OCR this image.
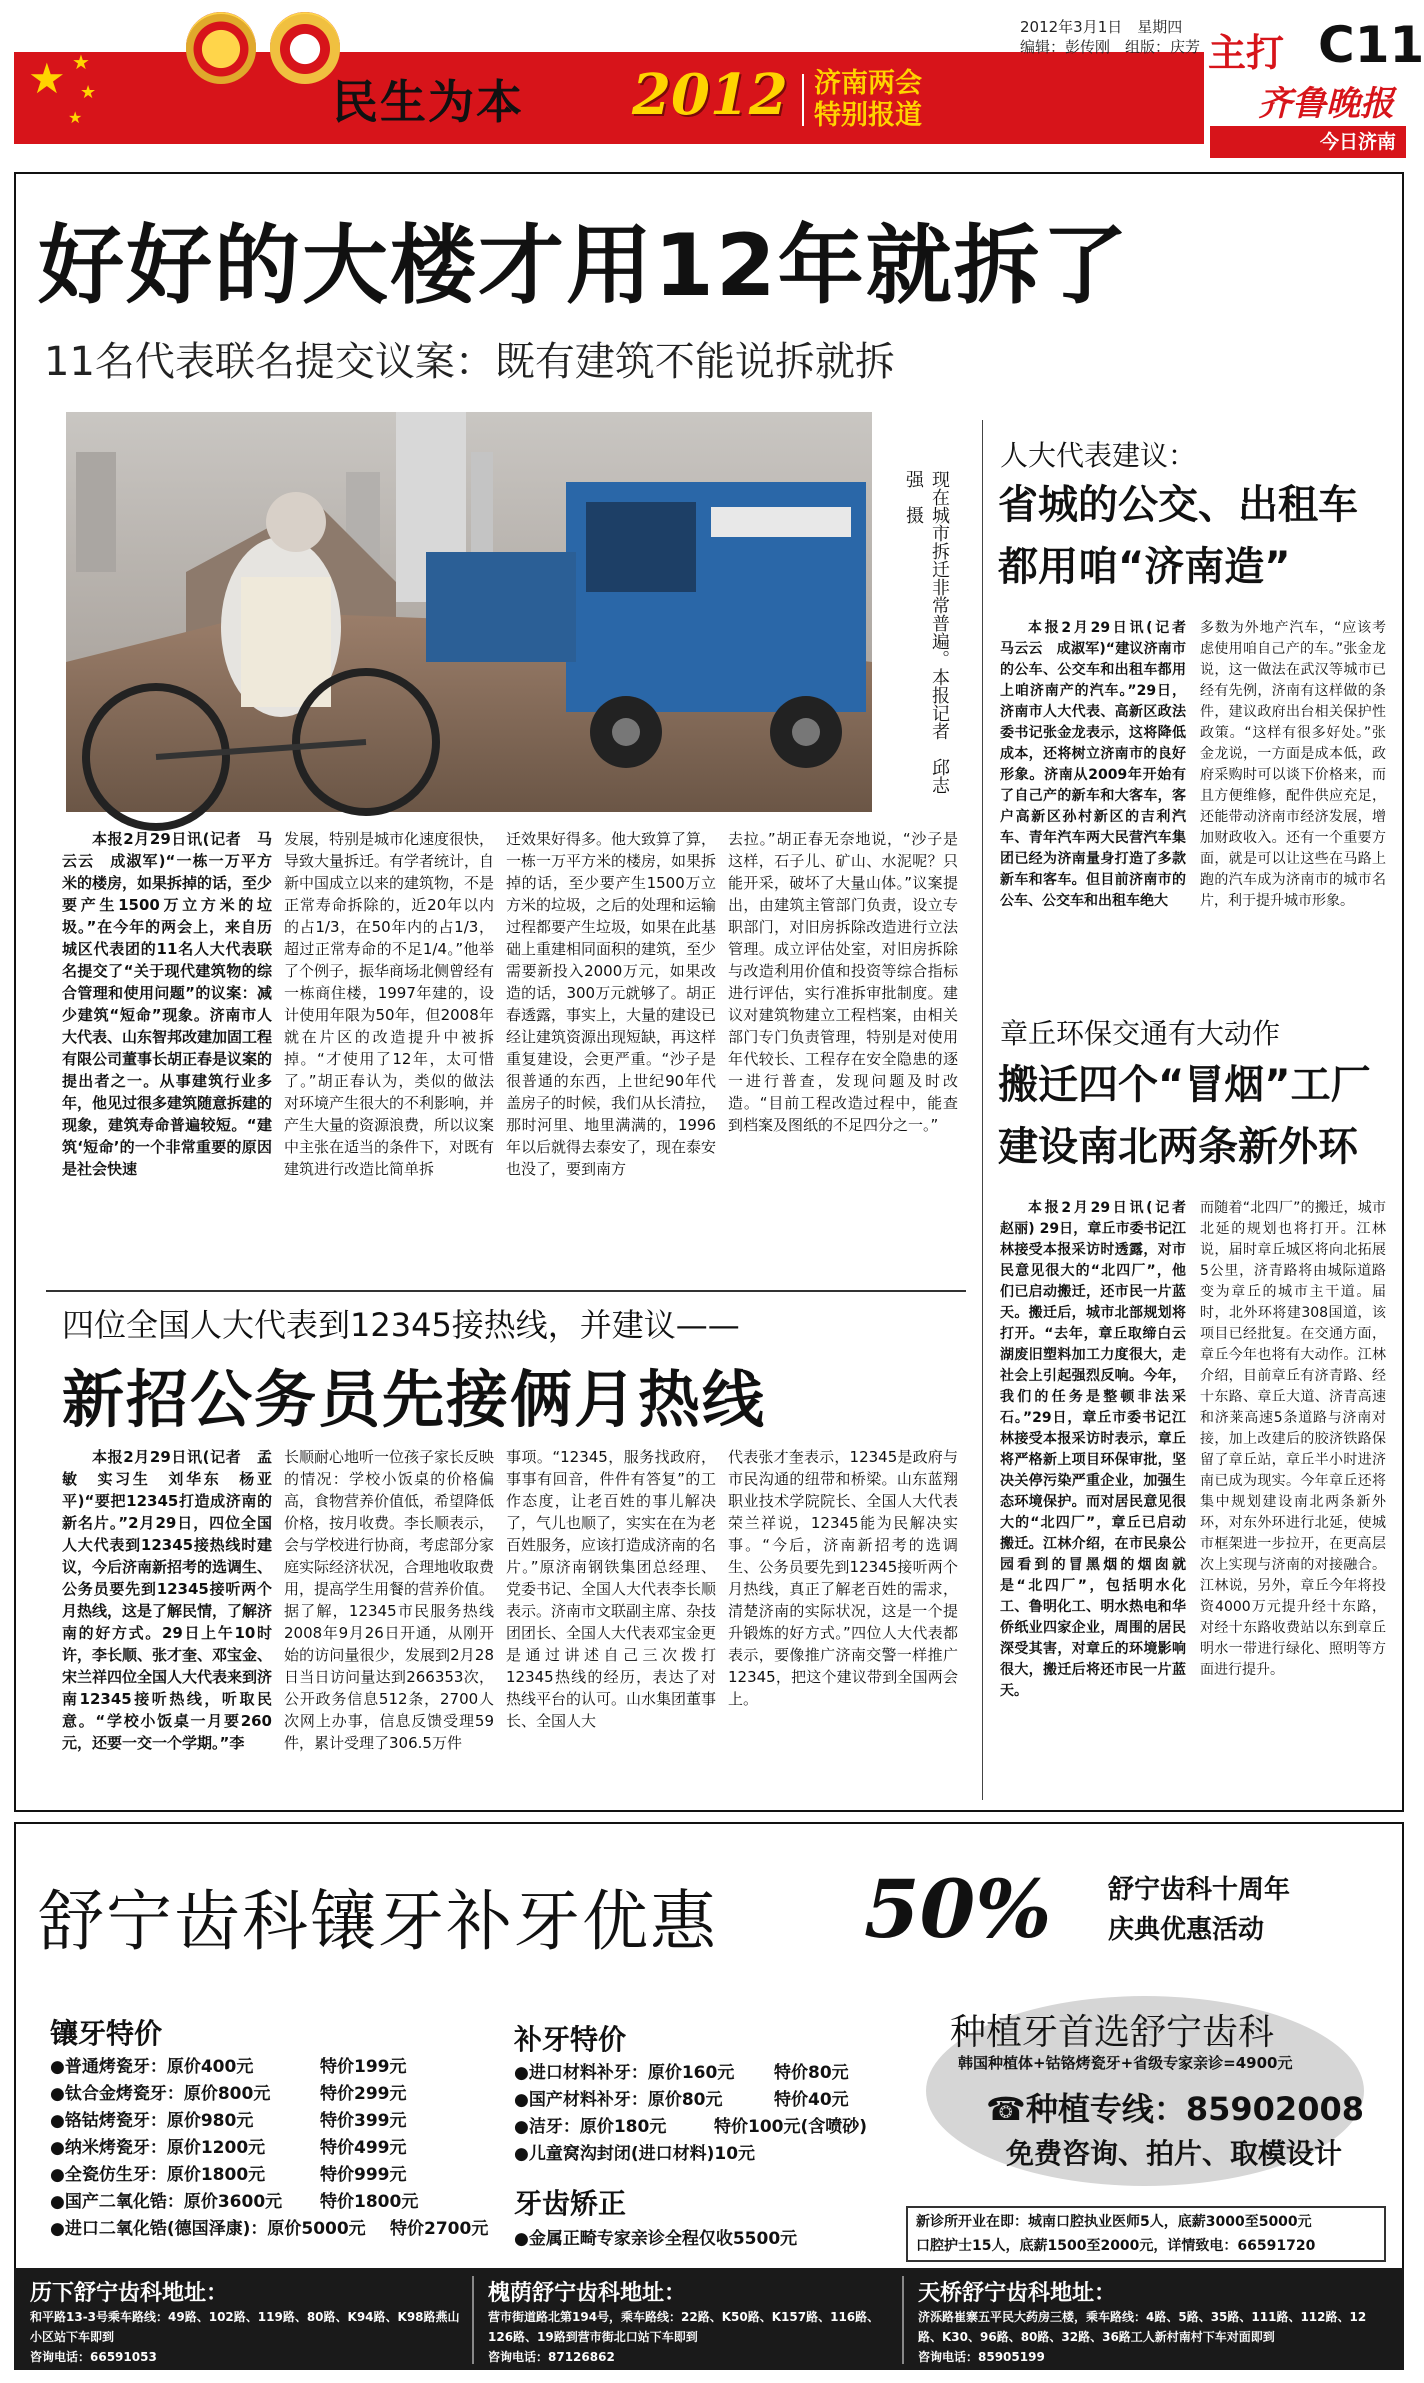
★ ★
★
★	民生为本 2012 济南两会
特别报道
2012年3月1日　星期四
编辑：彭传刚　组版：庆芳 主打 C11
齐鲁晚报
今日济南
好好的大楼才用12年就拆了
11名代表联名提交议案：既有建筑不能说拆就拆
现在城市拆迁非常普遍。本报记者　邱志强　摄

本报2月29日讯(记者　马云云　成淑军)“一栋一万平方米的楼房，如果拆掉的话，至少要产生1500万立方米的垃圾。”在今年的两会上，来自历城区代表团的11名人大代表联名提交了“关于现代建筑物的综合管理和使用问题”的议案：减少建筑“短命”现象。济南市人大代表、山东智邦改建加固工程有限公司董事长胡正春是议案的提出者之一。从事建筑行业多年，他见过很多建筑随意拆建的现象，建筑寿命普遍较短。“建筑‘短命’的一个非常重要的原因是社会快速

发展，特别是城市化速度很快，导致大量拆迁。有学者统计，自新中国成立以来的建筑物，不是正常寿命拆除的，近20年以内的占1/3，在50年内的占1/3，超过正常寿命的不足1/4。”他举了个例子，振华商场北侧曾经有一栋商住楼，1997年建的，设计使用年限为50年，但2008年就在片区的改造提升中被拆掉。“才使用了12年，太可惜了。”胡正春认为，类似的做法对环境产生很大的不利影响，并产生大量的资源浪费，所以议案中主张在适当的条件下，对既有建筑进行改造比简单拆

迁效果好得多。他大致算了算，一栋一万平方米的楼房，如果拆掉的话，至少要产生1500万立方米的垃圾，之后的处理和运输过程都要产生垃圾，如果在此基础上重建相同面积的建筑，至少需要新投入2000万元，如果改造的话，300万元就够了。胡正春透露，事实上，大量的建设已经让建筑资源出现短缺，再这样重复建设，会更严重。“沙子是很普通的东西，上世纪90年代盖房子的时候，我们从长清拉，那时河里、地里满满的，1996年以后就得去泰安了，现在泰安也没了，要到南方

去拉。”胡正春无奈地说，“沙子是这样，石子儿、矿山、水泥呢？只能开采，破坏了大量山体。”议案提出，由建筑主管部门负责，设立专职部门，对旧房拆除改造进行立法管理。成立评估处室，对旧房拆除与改造利用价值和投资等综合指标进行评估，实行准拆审批制度。建议对建筑物建立工程档案，由相关部门专门负责管理，特别是对使用年代较长、工程存在安全隐患的逐一进行普查，发现问题及时改造。“目前工程改造过程中，能查到档案及图纸的不足四分之一。”

人大代表建议：
省城的公交、出租车
都用咱“济南造”

本报2月29日讯(记者　马云云　成淑军)“建议济南市的公车、公交车和出租车都用上咱济南产的汽车。”29日，济南市人大代表、高新区政法委书记张金龙表示，这将降低成本，还将树立济南市的良好形象。济南从2009年开始有了自己产的新车和大客车，客户高新区孙村新区的吉利汽车、青年汽车两大民营汽车集团已经为济南量身打造了多款新车和客车。但目前济南市的公车、公交车和出租车绝大

多数为外地产汽车，“应该考虑使用咱自己产的车。”张金龙说，这一做法在武汉等城市已经有先例，济南有这样做的条件，建议政府出台相关保护性政策。“这样有很多好处。”张金龙说，一方面是成本低，政府采购时可以谈下价格来，而且方便维修，配件供应充足，还能带动济南市经济发展，增加财政收入。还有一个重要方面，就是可以让这些在马路上跑的汽车成为济南市的城市名片，利于提升城市形象。

章丘环保交通有大动作
搬迁四个“冒烟”工厂
建设南北两条新外环

本报2月29日讯(记者　赵丽) 29日，章丘市委书记江林接受本报采访时透露，对市民意见很大的“北四厂”，他们已启动搬迁，还市民一片蓝天。搬迁后，城市北部规划将打开。“去年，章丘取缔白云湖废旧塑料加工力度很大，走社会上引起强烈反响。今年，我们的任务是整顿非法采石。”29日，章丘市委书记江林接受本报采访时表示，章丘将严格新上项目环保审批，坚决关停污染严重企业，加强生态环境保护。而对居民意见很大的“北四厂”，章丘已启动搬迁。江林介绍，在市民泉公园看到的冒黑烟的烟囱就是“北四厂”，包括明水化工、鲁明化工、明水热电和华侨纸业四家企业，周围的居民深受其害，对章丘的环境影响很大，搬迁后将还市民一片蓝天。

而随着“北四厂”的搬迁，城市北延的规划也将打开。江林说，届时章丘城区将向北拓展5公里，济青路将由城际道路变为章丘的城市主干道。届时，北外环将建308国道，该项目已经批复。在交通方面，章丘今年也将有大动作。江林介绍，目前章丘有济青路、经十东路、章丘大道、济青高速和济莱高速5条道路与济南对接，加上改建后的胶济铁路保留了章丘站，章丘半小时进济南已成为现实。今年章丘还将集中规划建设南北两条新外环，对东外环进行北延，使城市框架进一步拉开，在更高层次上实现与济南的对接融合。江林说，另外，章丘今年将投资4000万元提升经十东路，对经十东路收费站以东到章丘明水一带进行绿化、照明等方面进行提升。

四位全国人大代表到12345接热线，并建议——
新招公务员先接俩月热线

本报2月29日讯(记者　孟敏　实习生　刘华东　杨亚平)“要把12345打造成济南的新名片。”2月29日，四位全国人大代表到12345接热线时建议，今后济南新招考的选调生、公务员要先到12345接听两个月热线，这是了解民情，了解济南的好方式。29日上午10时许，李长顺、张才奎、邓宝金、宋兰祥四位全国人大代表来到济南12345接听热线，听取民意。“学校小饭桌一月要260元，还要一交一个学期。”李

长顺耐心地听一位孩子家长反映的情况：学校小饭桌的价格偏高，食物营养价值低，希望降低价格，按月收费。李长顺表示，会与学校进行协商，考虑部分家庭实际经济状况，合理地收取费用，提高学生用餐的营养价值。据了解，12345市民服务热线2008年9月26日开通，从刚开始的访问量很少，发展到2月28日当日访问量达到266353次，公开政务信息512条，2700人次网上办事，信息反馈受理59件，累计受理了306.5万件

事项。“12345，服务找政府，事事有回音，件件有答复”的工作态度，让老百姓的事儿解决了，气儿也顺了，实实在在为老百姓服务，应该打造成济南的名片。”原济南钢铁集团总经理、党委书记、全国人大代表李长顺表示。济南市文联副主席、杂技团团长、全国人大代表邓宝金更是通过讲述自己三次拨打12345热线的经历，表达了对热线平台的认可。山水集团董事长、全国人大

代表张才奎表示，12345是政府与市民沟通的纽带和桥梁。山东蓝翔职业技术学院院长、全国人大代表荣兰祥说，12345能为民解决实事。“今后，济南新招考的选调生、公务员要先到12345接听两个月热线，真正了解老百姓的需求，清楚济南的实际状况，这是一个提升锻炼的好方式。”四位人大代表都表示，要像推广济南交警一样推广12345，把这个建议带到全国两会上。

舒宁齿科镶牙补牙优惠 50% 舒宁齿科十周年
庆典优惠活动
镶牙特价
●普通烤瓷牙：原价400元	特价199元
●钛合金烤瓷牙：原价800元	特价299元
●铬钴烤瓷牙：原价980元	特价399元
●纳米烤瓷牙：原价1200元	特价499元
●全瓷仿生牙：原价1800元	特价999元
●国产二氧化锆：原价3600元 特价1800元
●进口二氧化锆(德国泽康)：原价5000元 特价2700元
补牙特价
●进口材料补牙：原价160元 特价80元
●国产材料补牙：原价80元	特价40元
●洁牙：原价180元	特价100元(含喷砂)
●儿童窝沟封闭(进口材料)10元
牙齿矫正
●金属正畸专家亲诊全程仅收5500元
种植牙首选舒宁齿科
韩国种植体+钴铬烤瓷牙+省级专家亲诊=4900元
☎种植专线：85902008
免费咨询、拍片、取模设计
新诊所开业在即：城南口腔执业医师5人，底薪3000至5000元
口腔护士15人，底薪1500至2000元，详情致电：66591720
历下舒宁齿科地址：
和平路13-3号乘车路线：49路、102路、119路、80路、K94路、K98路燕山小区站下车即到
咨询电话：66591053
槐荫舒宁齿科地址：
营市街道路北第194号，乘车路线：22路、K50路、K157路、116路、126路、19路到营市街北口站下车即到
咨询电话：87126862
天桥舒宁齿科地址：
济泺路崔寨五平民大药房三楼，乘车路线：4路、5路、35路、111路、112路、12路、K30、96路、80路、32路、36路工人新村南村下车对面即到
咨询电话：85905199
